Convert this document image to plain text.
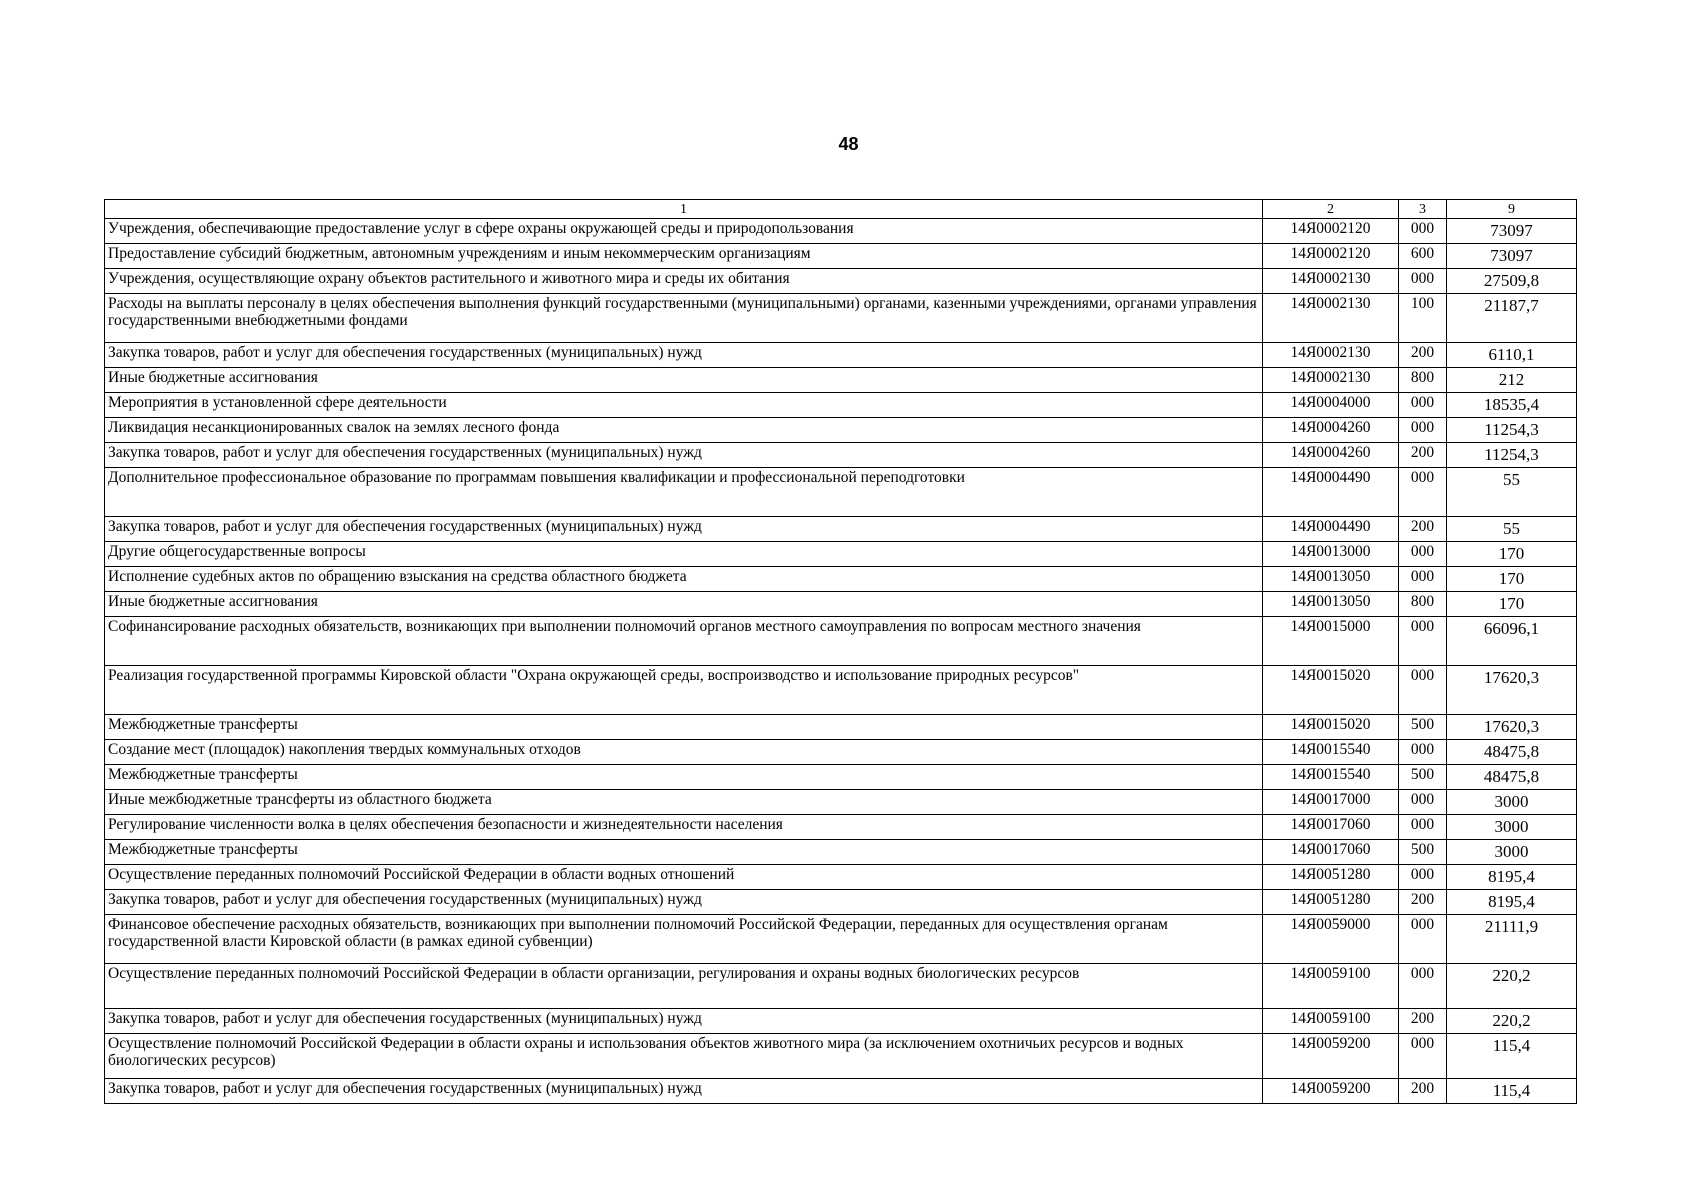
48
1	2	3	9
Учреждения, обеспечивающие предоставление услуг в сфере охраны окружающей среды и природопользования	14Я0002120	000	73097
Предоставление субсидий бюджетным, автономным учреждениям и иным некоммерческим организациям	14Я0002120	600	73097
Учреждения, осуществляющие охрану объектов растительного и животного мира и среды их обитания	14Я0002130	000	27509,8
Расходы на выплаты персоналу в целях обеспечения выполнения функций государственными (муниципальными) органами, казенными учреждениями, органами управления государственными внебюджетными фондами	14Я0002130	100	21187,7
Закупка товаров, работ и услуг для обеспечения государственных (муниципальных) нужд	14Я0002130	200	6110,1
Иные бюджетные ассигнования	14Я0002130	800	212
Мероприятия в установленной сфере деятельности	14Я0004000	000	18535,4
Ликвидация несанкционированных свалок на землях лесного фонда	14Я0004260	000	11254,3
Закупка товаров, работ и услуг для обеспечения государственных (муниципальных) нужд	14Я0004260	200	11254,3
Дополнительное профессиональное образование по программам повышения квалификации и профессиональной переподготовки	14Я0004490	000	55
Закупка товаров, работ и услуг для обеспечения государственных (муниципальных) нужд	14Я0004490	200	55
Другие общегосударственные вопросы	14Я0013000	000	170
Исполнение судебных актов по обращению взыскания на средства областного бюджета	14Я0013050	000	170
Иные бюджетные ассигнования	14Я0013050	800	170
Софинансирование расходных обязательств, возникающих при выполнении полномочий органов местного самоуправления по вопросам местного значения	14Я0015000	000	66096,1
Реализация государственной программы Кировской области "Охрана окружающей среды, воспроизводство и использование природных ресурсов"	14Я0015020	000	17620,3
Межбюджетные трансферты	14Я0015020	500	17620,3
Создание мест (площадок) накопления твердых коммунальных отходов	14Я0015540	000	48475,8
Межбюджетные трансферты	14Я0015540	500	48475,8
Иные межбюджетные трансферты из областного бюджета	14Я0017000	000	3000
Регулирование численности волка в целях обеспечения безопасности и жизнедеятельности населения	14Я0017060	000	3000
Межбюджетные трансферты	14Я0017060	500	3000
Осуществление переданных полномочий Российской Федерации в области водных отношений	14Я0051280	000	8195,4
Закупка товаров, работ и услуг для обеспечения государственных (муниципальных) нужд	14Я0051280	200	8195,4
Финансовое обеспечение расходных обязательств, возникающих при выполнении полномочий Российской Федерации, переданных для осуществления органам государственной власти Кировской области (в рамках единой субвенции)	14Я0059000	000	21111,9
Осуществление переданных полномочий Российской Федерации в области организации, регулирования и охраны водных биологических ресурсов	14Я0059100	000	220,2
Закупка товаров, работ и услуг для обеспечения государственных (муниципальных) нужд	14Я0059100	200	220,2
Осуществление полномочий Российской Федерации в области охраны и использования объектов животного мира (за исключением охотничьих ресурсов и водных биологических ресурсов)	14Я0059200	000	115,4
Закупка товаров, работ и услуг для обеспечения государственных (муниципальных) нужд	14Я0059200	200	115,4
